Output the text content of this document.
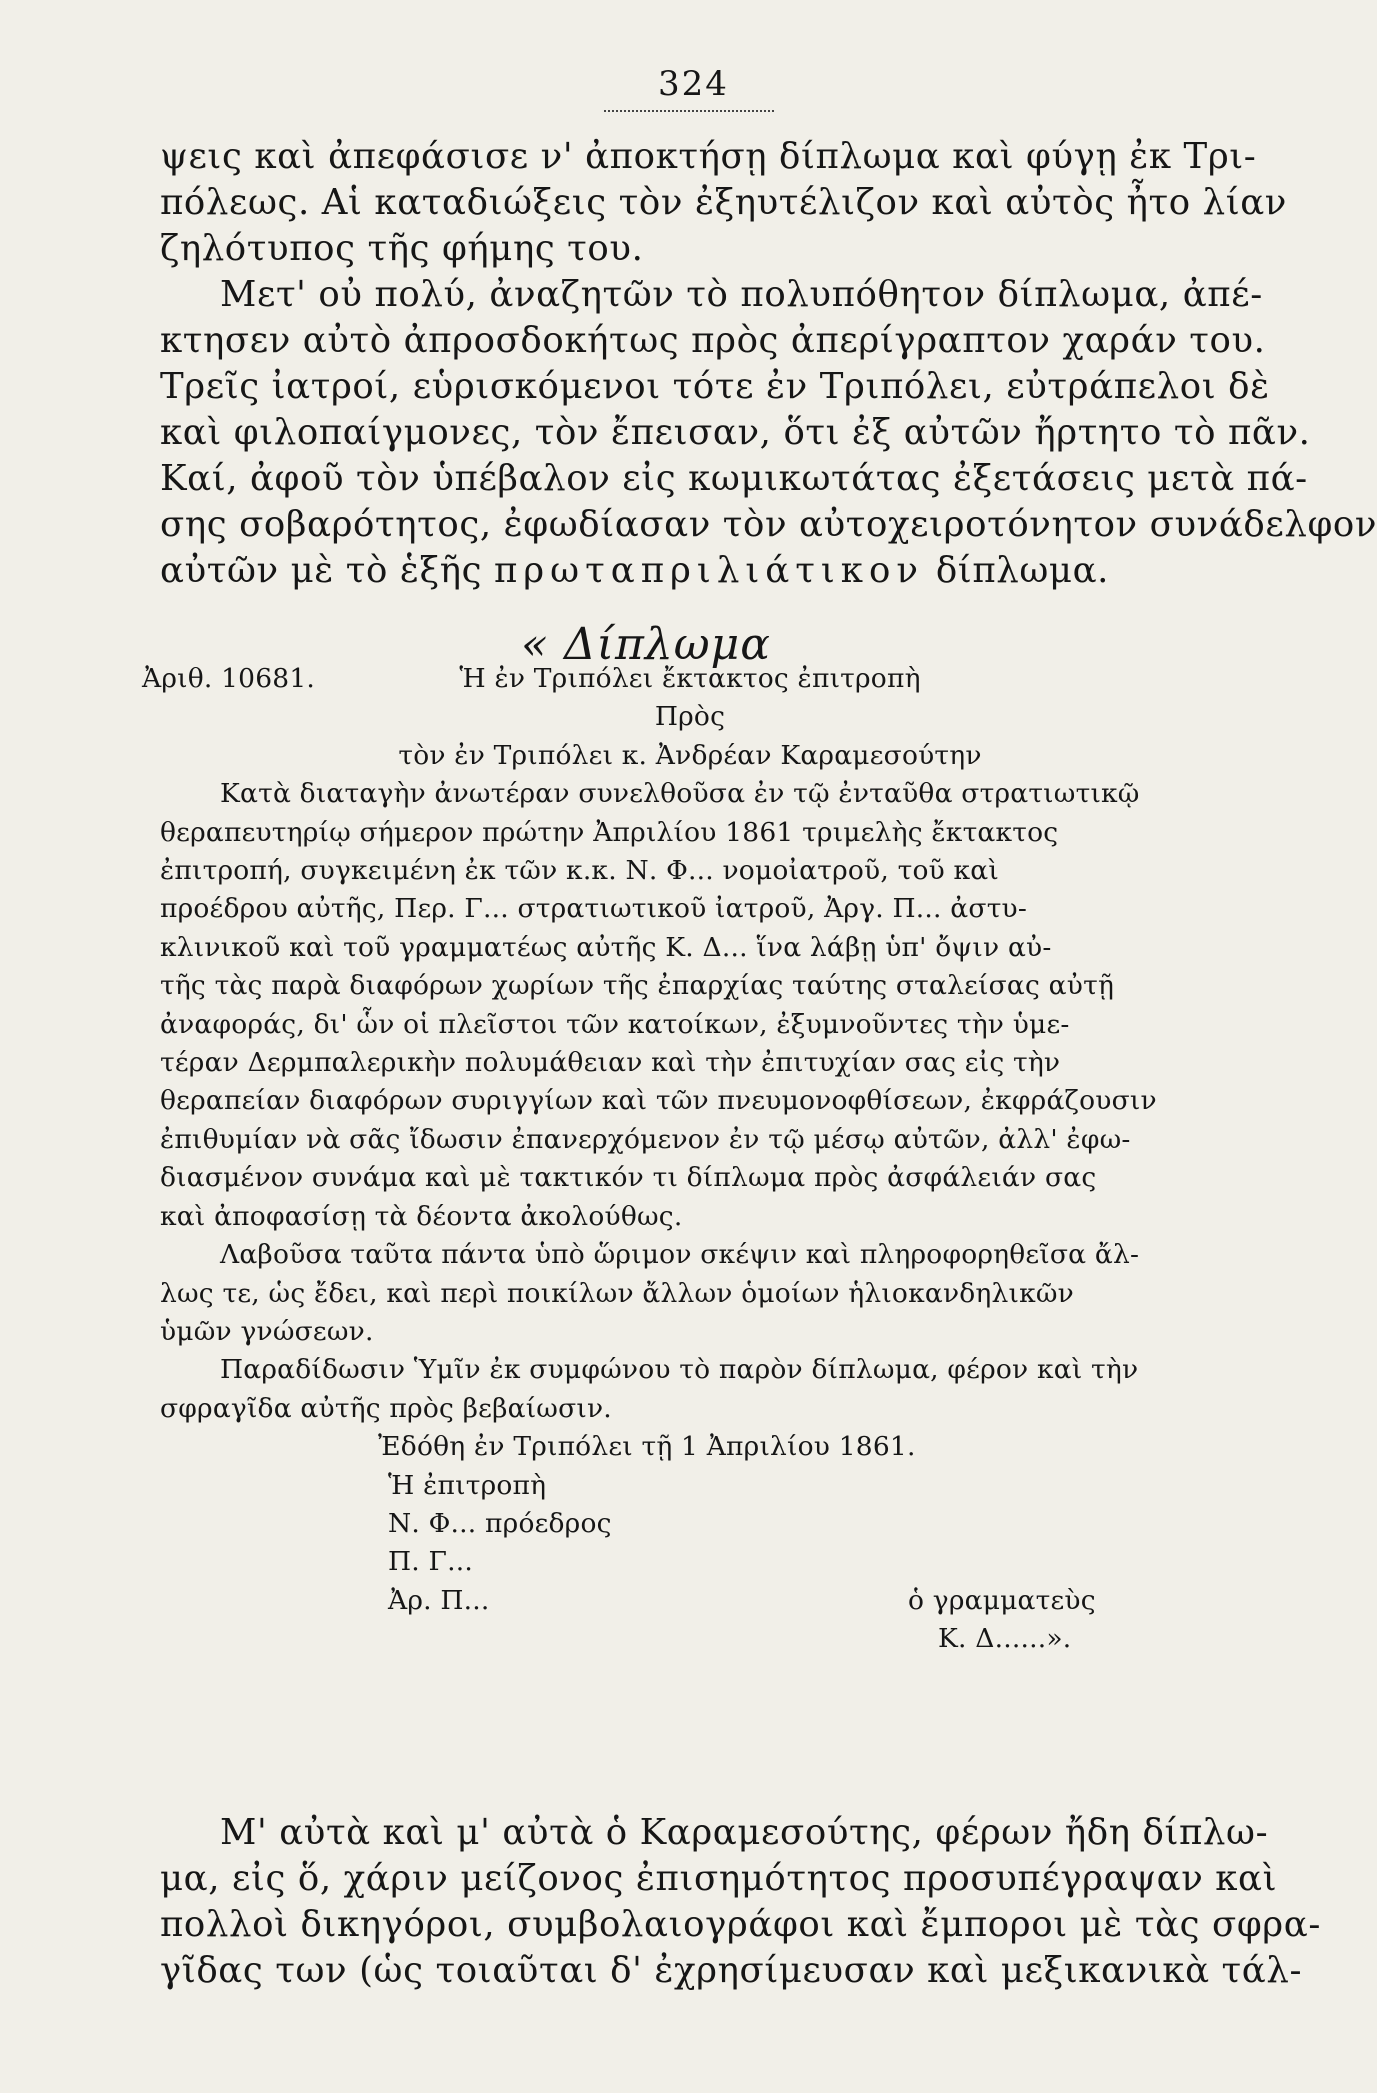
324
ψεις καὶ ἀπεφάσισε ν' ἀποκτήσῃ δίπλωμα καὶ φύγῃ ἐκ Τρι-
πόλεως. Αἱ καταδιώξεις τὸν ἐξηυτέλιζον καὶ αὐτὸς ἦτο λίαν
ζηλότυπος τῆς φήμης του.
Μετ' οὐ πολύ, ἀναζητῶν τὸ πολυπόθητον δίπλωμα, ἀπέ-
κτησεν αὐτὸ ἀπροσδοκήτως πρὸς ἀπερίγραπτον χαράν του.
Τρεῖς ἰατροί, εὑρισκόμενοι τότε ἐν Τριπόλει, εὐτράπελοι δὲ
καὶ φιλοπαίγμονες, τὸν ἔπεισαν, ὅτι ἐξ αὐτῶν ἤρτητο τὸ πᾶν.
Καί, ἀφοῦ τὸν ὑπέβαλον εἰς κωμικωτάτας ἐξετάσεις μετὰ πά-
σης σοβαρότητος, ἐφωδίασαν τὸν αὐτοχειροτόνητον συνάδελφον
αὐτῶν μὲ τὸ ἑξῆς πρωταπριλιάτικον δίπλωμα.
« Δίπλωμα
Ἀριθ. 10681.	Ἡ ἐν Τριπόλει ἔκτακτος ἐπιτροπὴ
Πρὸς
τὸν ἐν Τριπόλει κ. Ἀνδρέαν Καραμεσούτην
Κατὰ διαταγὴν ἀνωτέραν συνελθοῦσα ἐν τῷ ἐνταῦθα στρατιωτικῷ
θεραπευτηρίῳ σήμερον πρώτην Ἀπριλίου 1861 τριμελὴς ἔκτακτος
ἐπιτροπή, συγκειμένη ἐκ τῶν κ.κ. Ν. Φ... νομοἰατροῦ, τοῦ καὶ
προέδρου αὐτῆς, Περ. Γ... στρατιωτικοῦ ἰατροῦ, Ἀργ. Π... ἀστυ-
κλινικοῦ καὶ τοῦ γραμματέως αὐτῆς Κ. Δ... ἵνα λάβῃ ὑπ' ὄψιν αὐ-
τῆς τὰς παρὰ διαφόρων χωρίων τῆς ἐπαρχίας ταύτης σταλείσας αὐτῇ
ἀναφοράς, δι' ὧν οἱ πλεῖστοι τῶν κατοίκων, ἐξυμνοῦντες τὴν ὑμε-
τέραν Δερμπαλερικὴν πολυμάθειαν καὶ τὴν ἐπιτυχίαν σας εἰς τὴν
θεραπείαν διαφόρων συριγγίων καὶ τῶν πνευμονοφθίσεων, ἐκφράζουσιν
ἐπιθυμίαν νὰ σᾶς ἴδωσιν ἐπανερχόμενον ἐν τῷ μέσῳ αὐτῶν, ἀλλ' ἐφω-
διασμένον συνάμα καὶ μὲ τακτικόν τι δίπλωμα πρὸς ἀσφάλειάν σας
καὶ ἀποφασίσῃ τὰ δέοντα ἀκολούθως.
Λαβοῦσα ταῦτα πάντα ὑπὸ ὥριμον σκέψιν καὶ πληροφορηθεῖσα ἄλ-
λως τε, ὡς ἔδει, καὶ περὶ ποικίλων ἄλλων ὁμοίων ἡλιοκανδηλικῶν
ὑμῶν γνώσεων.
Παραδίδωσιν Ὑμῖν ἐκ συμφώνου τὸ παρὸν δίπλωμα, φέρον καὶ τὴν
σφραγῖδα αὐτῆς πρὸς βεβαίωσιν.
Ἐδόθη ἐν Τριπόλει τῇ 1 Ἀπριλίου 1861.
Ἡ ἐπιτροπὴ
Ν. Φ... πρόεδρος
Π. Γ...
Ἀρ. Π...	ὁ γραμματεὺς
Κ. Δ......».
Μ' αὐτὰ καὶ μ' αὐτὰ ὁ Καραμεσούτης, φέρων ἤδη δίπλω-
μα, εἰς ὅ, χάριν μείζονος ἐπισημότητος προσυπέγραψαν καὶ
πολλοὶ δικηγόροι, συμβολαιογράφοι καὶ ἔμποροι μὲ τὰς σφρα-
γῖδας των (ὡς τοιαῦται δ' ἐχρησίμευσαν καὶ μεξικανικὰ τάλ-
